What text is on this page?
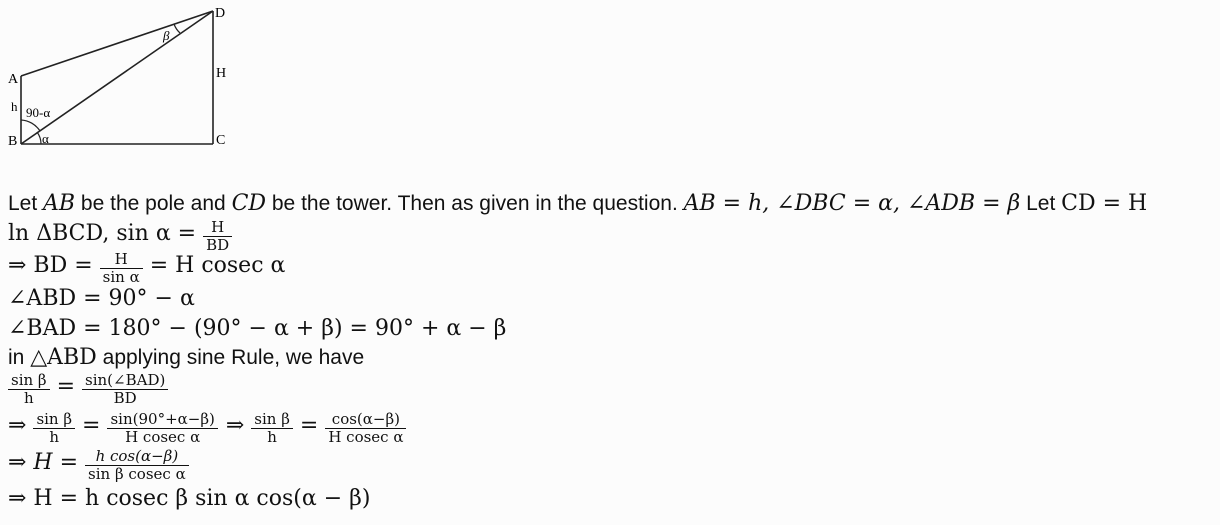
D
H
C
A
h
B
β
90-α
α
Let AB be the pole and CD be the tower. Then as given in the question. AB = h, ∠DBC = α, ∠ADB = β Let CD = H
ln ΔBCD, $\sin \alpha = \frac{H}{BD}$
⇒ BD = $\frac{H}{\text{sin α}} = H$ cosec α
∠ABD = 90° − α
∠BAD = 180° − (90° − α + β) = 90° + α − β
in △ABD applying sine Rule, we have
$\frac{\text{sin β}}{h} = \frac{\text{sin(∠BAD)}}{BD}$
⇒ $\frac{\text{sin β}}{h} = \frac{\sin(90^\circ+\alpha-\beta)}{\text{H cosec α}}$ ⇒ $\frac{\text{sin β}}{h} = \frac{\cos(\alpha-\beta)}{\text{H cosec α}}$
⇒ $H = \frac{\text{h cos(α−β)}}{\text{sin β cosec α}}$
⇒ H = h cosec β sin α cos(α − β)
